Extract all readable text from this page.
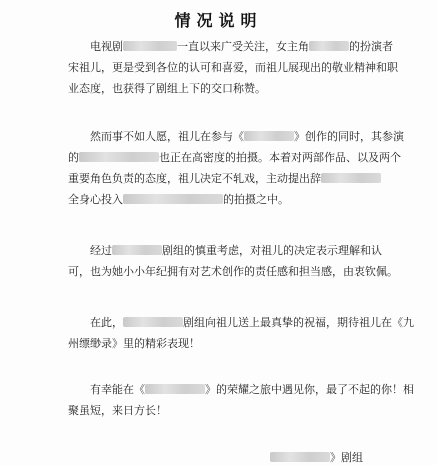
情况说明
电视剧	一直以来广受关注，女主角	的扮演者
宋祖儿，更是受到各位的认可和喜爱，而祖儿展现出的敬业精神和职
业态度，也获得了剧组上下的交口称赞。
然而事不如人愿，祖儿在参与《	》创作的同时，其参演
的	也正在高密度的拍摄。本着对两部作品、以及两个
重要角色负责的态度，祖儿决定不轧戏，主动提出辞
全身心投入	的拍摄之中。
经过	剧组的慎重考虑，对祖儿的决定表示理解和认
可，也为她小小年纪拥有对艺术创作的责任感和担当感，由衷钦佩。
在此，	剧组向祖儿送上最真挚的祝福，期待祖儿在《九
州缥缈录》里的精彩表现！
有幸能在《	》的荣耀之旅中遇见你，最了不起的你！相
聚虽短，来日方长！
》剧组
